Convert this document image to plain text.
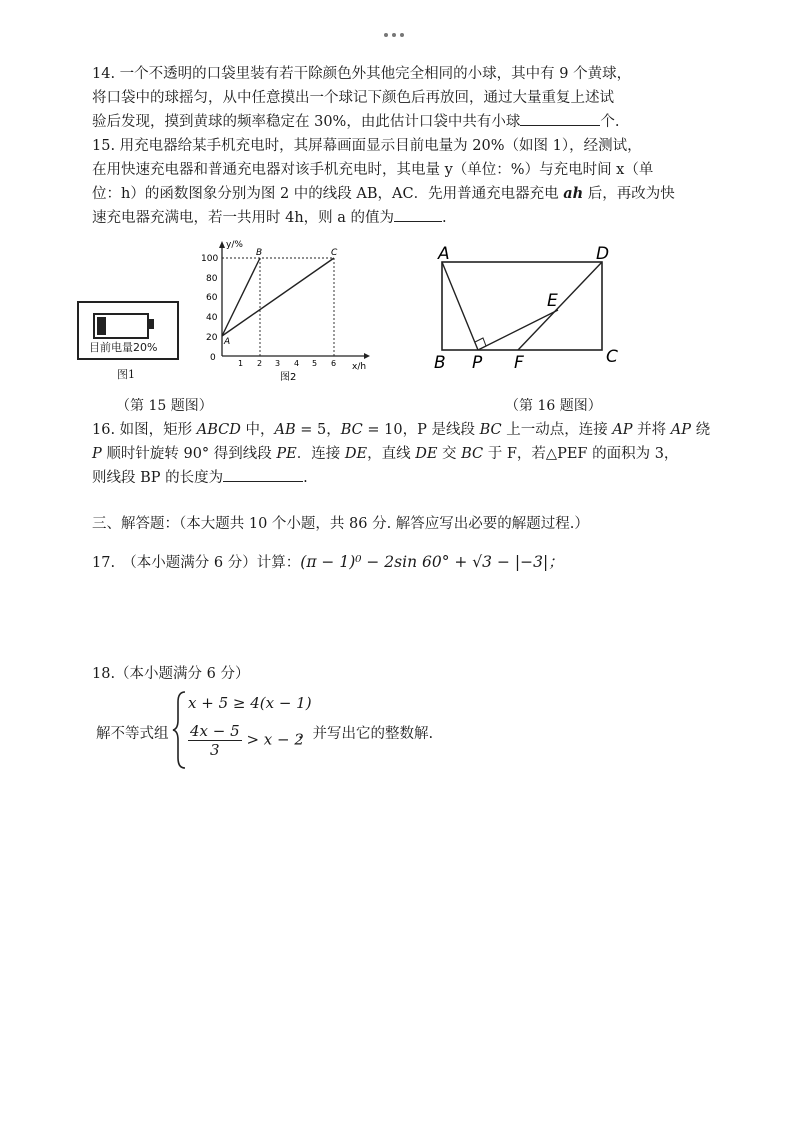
14. 一个不透明的口袋里装有若干除颜色外其他完全相同的小球，其中有 9 个黄球，
将口袋中的球摇匀，从中任意摸出一个球记下颜色后再放回，通过大量重复上述试
验后发现，摸到黄球的频率稳定在 30%，由此估计口袋中共有小球	个.
15. 用充电器给某手机充电时，其屏幕画面显示目前电量为 20%（如图 1），经测试，
在用快速充电器和普通充电器对该手机充电时，其电量 y（单位：%）与充电时间 x（单
位：h）的函数图象分别为图 2 中的线段 AB，AC．先用普通充电器充电 ah 后，再改为快
速充电器充满电，若一共用时 4h，则 a 的值为	.
目前电量20%
图1
y/%
x/h
100
80
60
40
20
0
1 2 3 4 5 6
A
B	C
图2
A	D
B P F	C
E
（第 15 题图）	（第 16 题图）
16. 如图，矩形 ABCD 中，AB = 5，BC = 10，P 是线段 BC 上一动点，连接 AP 并将 AP 绕
P 顺时针旋转 90° 得到线段 PE．连接 DE，直线 DE 交 BC 于 F，若△PEF 的面积为 3，
则线段 BP 的长度为	.
三、解答题：（本大题共 10 个小题，共 86 分. 解答应写出必要的解题过程.）
17.　（本小题满分 6 分）计算：(π − 1)⁰ − 2sin 60° + √3 − |−3|；
18.（本小题满分 6 分）
解不等式组
x + 5 ≥ 4(x − 1)
$\frac{4x - 5}{3} > x - 2$
，并写出它的整数解.
